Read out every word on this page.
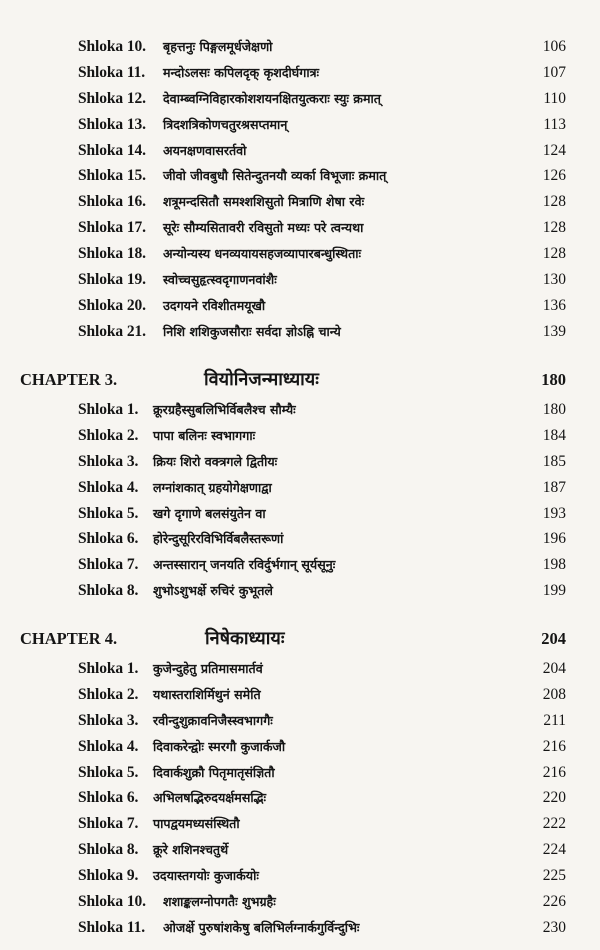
Shloka 10. बृहत्तनुः पिङ्गलमूर्धजेक्षणो	106
Shloka 11. मन्दोऽलसः कपिलदृक् कृशदीर्घगात्रः	107
Shloka 12. देवाम्ब्वग्निविहारकोशशयनक्षितयुत्कराः स्युः क्रमात्	110
Shloka 13. त्रिदशत्रिकोणचतुरश्रसप्तमान्	113
Shloka 14. अयनक्षणवासरर्तवो	124
Shloka 15. जीवो जीवबुधौ सितेन्दुतनयौ व्यर्का विभूजाः क्रमात्	126
Shloka 16. शत्रूमन्दसितौ समश्शशिसुतो मित्राणि शेषा रवेः	128
Shloka 17. सूरेः सौम्यसितावरी रविसुतो मध्यः परे त्वन्यथा	128
Shloka 18. अन्योन्यस्य धनव्ययायसहजव्यापारबन्धुस्थिताः	128
Shloka 19. स्वोच्चसुहृत्स्वदृगाणनवांशैः	130
Shloka 20. उदगयने रविशीतमयूखौ	136
Shloka 21. निशि शशिकुजसौराः सर्वदा ज्ञोऽह्नि चान्ये	139
CHAPTER 3.	वियोनिजन्माध्यायः	180
Shloka 1. क्रूरग्रहैस्सुबलिभिर्विबलैश्च सौम्यैः	180
Shloka 2. पापा बलिनः स्वभागगाः	184
Shloka 3. क्रियः शिरो वक्त्रगले द्वितीयः	185
Shloka 4. लग्नांशकात् ग्रहयोगेक्षणाद्वा	187
Shloka 5. खगे दृगाणे बलसंयुतेन वा	193
Shloka 6. होरेन्दुसूरिरविभिर्विबलैस्तरूणां	196
Shloka 7. अन्तस्सारान् जनयति रविर्दुर्भगान् सूर्यसूनुः	198
Shloka 8. शुभोऽशुभर्क्षे रुचिरं कुभूतले	199
CHAPTER 4.	निषेकाध्यायः	204
Shloka 1. कुजेन्दुहेतु प्रतिमासमार्तवं	204
Shloka 2. यथास्तराशिर्मिथुनं समेति	208
Shloka 3. रवीन्दुशुक्रावनिजैस्स्वभागगैः	211
Shloka 4. दिवाकरेन्द्वोः स्मरगौ कुजार्कजौ	216
Shloka 5. दिवार्कशुक्रौ पितृमातृसंज्ञितौ	216
Shloka 6. अभिलषद्भिरुदयर्क्षमसद्भिः	220
Shloka 7. पापद्वयमध्यसंस्थितौ	222
Shloka 8. क्रूरे शशिनश्चतुर्थे	224
Shloka 9. उदयास्तगयोः कुजार्कयोः	225
Shloka 10. शशाङ्कलग्नोपगतैः शुभग्रहैः	226
Shloka 11. ओजर्क्षे पुरुषांशकेषु बलिभिर्लग्नार्कगुर्विन्दुभिः	230
